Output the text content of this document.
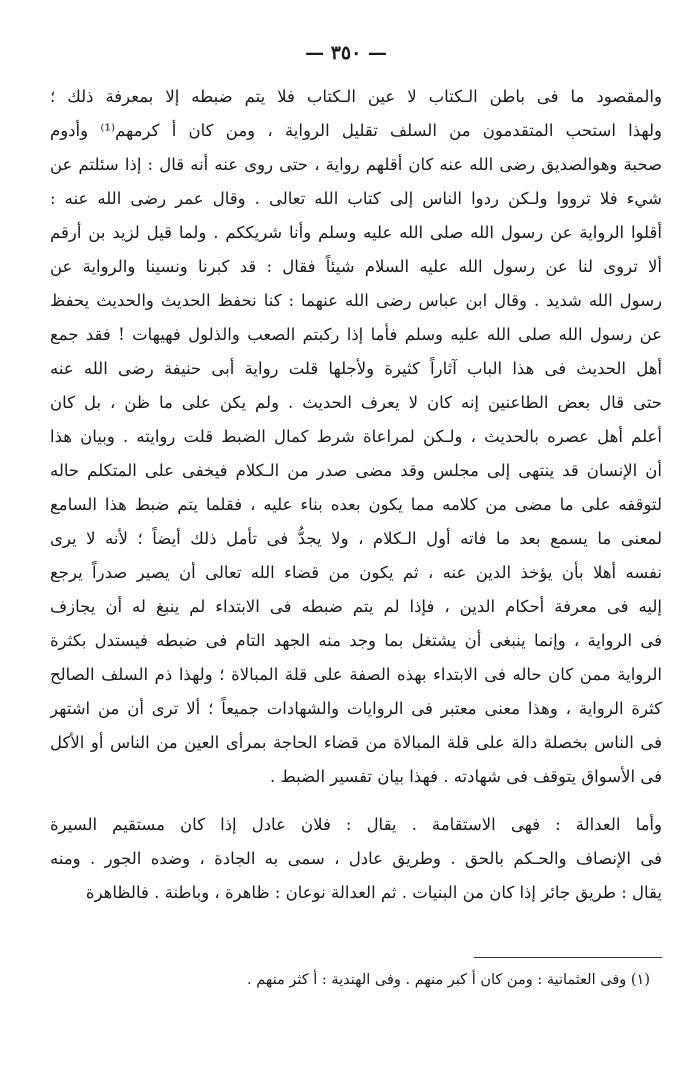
— ٣٥٠ —
والمقصود ما فى باطن الـكتاب لا عين الـكتاب فلا يتم ضبطه إلا بمعرفة ذلك ؛
ولهذا استحب المتقدمون من السلف تقليل الرواية ، ومن كان أ كرمهم⁽¹⁾ وأدوم
صحبة وهوالصديق رضى الله عنه كان أقلهم رواية ، حتى روى عنه أنه قال : إذا سئلتم عن
شيء فلا ترووا ولـكن ردوا الناس إلى كتاب الله تعالى . وقال عمر رضى الله عنه :
أقلوا الرواية عن رسول الله صلى الله عليه وسلم وأنا شريككم . ولما قيل لزيد بن أرقم
ألا تروى لنا عن رسول الله عليه السلام شيئاً فقال : قد كبرنا ونسينا والرواية عن
رسول الله شديد . وقال ابن عباس رضى الله عنهما : كنا نحفظ الحديث والحديث يحفظ
عن رسول الله صلى الله عليه وسلم فأما إذا ركبتم الصعب والذلول فهيهات ! فقد جمع
أهل الحديث فى هذا الباب آثاراً كثيرة ولأجلها قلت رواية أبى حنيفة رضى الله عنه
حتى قال بعض الطاعنين إنه كان لا يعرف الحديث . ولم يكن على ما ظن ، بل كان
أعلم أهل عصره بالحديث ، ولـكن لمراعاة شرط كمال الضبط قلت روايته . وبيان هذا
أن الإنسان قد ينتهى إلى مجلس وقد مضى صدر من الـكلام فيخفى على المتكلم حاله
لتوقفه على ما مضى من كلامه مما يكون بعده بناء عليه ، فقلما يتم ضبط هذا السامع
لمعنى ما يسمع بعد ما فاته أول الـكلام ، ولا يجدُّ فى تأمل ذلك أيضاً ؛ لأنه لا يرى
نفسه أهلا بأن يؤخذ الدين عنه ، ثم يكون من قضاء الله تعالى أن يصير صدراً يرجع
إليه فى معرفة أحكام الدين ، فإذا لم يتم ضبطه فى الابتداء لم ينبغ له أن يجازف
فى الرواية ، وإنما ينبغى أن يشتغل بما وجد منه الجهد التام فى ضبطه فيستدل بكثرة
الرواية ممن كان حاله فى الابتداء بهذه الصفة على قلة المبالاة ؛ ولهذا ذم السلف الصالح
كثرة الرواية ، وهذا معنى معتبر فى الروايات والشهادات جميعاً ؛ ألا ترى أن من اشتهر
فى الناس بخصلة دالة على قلة المبالاة من قضاء الحاجة بمرأى العين من الناس أو الأكل
فى الأسواق يتوقف فى شهادته . فهذا بيان تفسير الضبط .
وأما العدالة : فهى الاستقامة . يقال : فلان عادل إذا كان مستقيم السيرة
فى الإنصاف والحـكم بالحق . وطريق عادل ، سمى به الجادة ، وضده الجور . ومنه
يقال : طريق جائر إذا كان من البنيات . ثم العدالة نوعان : ظاهرة ، وباطنة . فالظاهرة
(١) وفى العثمانية : ومن كان أ كبر منهم . وفى الهندية : أ كثر منهم .
